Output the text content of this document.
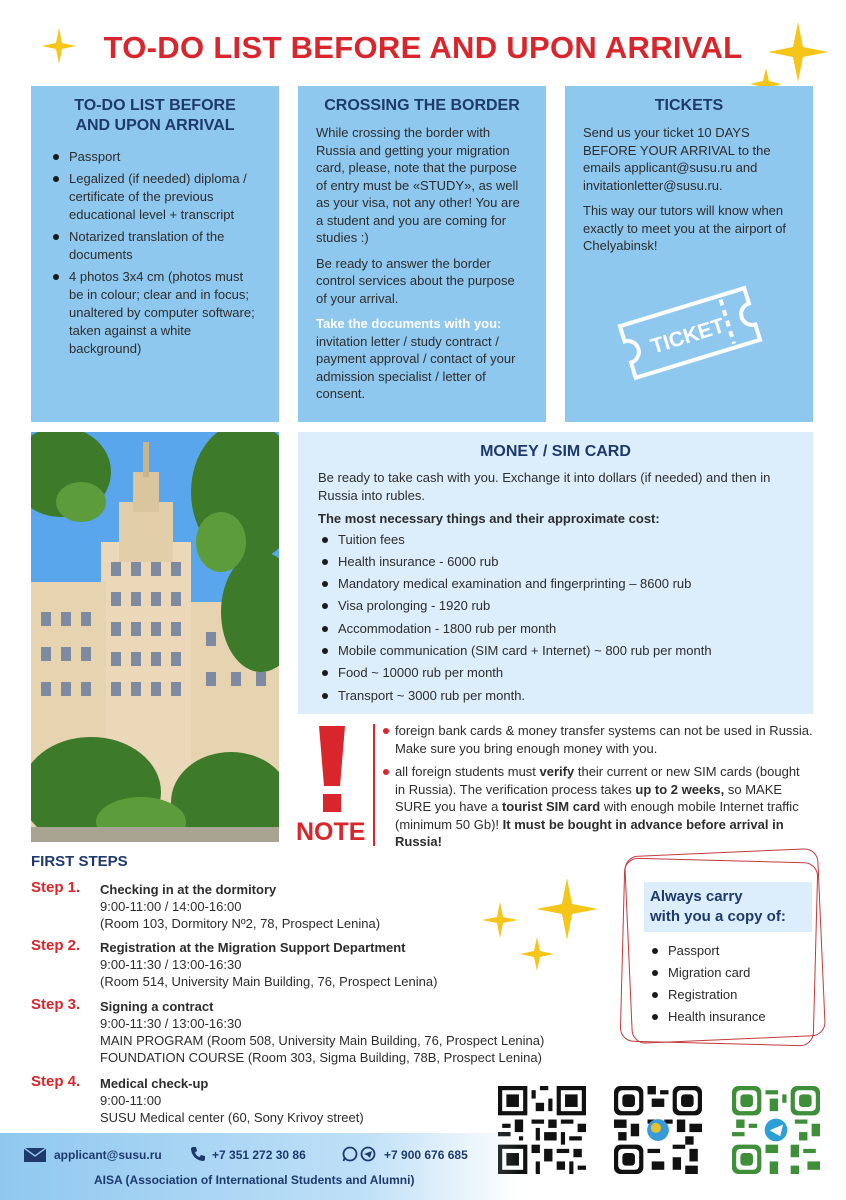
TO-DO LIST BEFORE AND UPON ARRIVAL
TO-DO LIST BEFORE AND UPON ARRIVAL
Passport
Legalized (if needed) diploma / certificate of the previous educational level + transcript
Notarized translation of the documents
4 photos 3x4 cm (photos must be in colour; clear and in focus; unaltered by computer software; taken against a white background)
CROSSING THE BORDER

While crossing the border with Russia and getting your migration card, please, note that the purpose of entry must be «STUDY», as well as your visa, not any other! You are a student and you are coming for studies :)

Be ready to answer the border control services about the purpose of your arrival.

Take the documents with you:
invitation letter / study contract / payment approval / contact of your admission specialist / letter of consent.

TICKETS

Send us your ticket 10 DAYS BEFORE YOUR ARRIVAL to the emails applicant@susu.ru and invitationletter@susu.ru.

This way our tutors will know when exactly to meet you at the airport of Chelyabinsk!

TICKET
MONEY / SIM CARD

Be ready to take cash with you. Exchange it into dollars (if needed) and then in Russia into rubles.

The most necessary things and their approximate cost:

Tuition fees
Health insurance - 6000 rub
Mandatory medical examination and fingerprinting – 8600 rub
Visa prolonging - 1920 rub
Accommodation - 1800 rub per month
Mobile communication (SIM card + Internet) ~ 800 rub per month
Food ~ 10000 rub per month
Transport ~ 3000 rub per month.
NOTE
foreign bank cards & money transfer systems can not be used in Russia. Make sure you bring enough money with you.
all foreign students must verify their current or new SIM cards (bought in Russia). The verification process takes up to 2 weeks, so MAKE SURE you have a tourist SIM card with enough mobile Internet traffic (minimum 50 Gb)! It must be bought in advance before arrival in Russia!
FIRST STEPS
Step 1.	Checking in at the dormitory
9:00-11:00 / 14:00-16:00
(Room 103, Dormitory Nº2, 78, Prospect Lenina)
Step 2.	Registration at the Migration Support Department
9:00-11:30 / 13:00-16:30
(Room 514, University Main Building, 76, Prospect Lenina)
Step 3.	Signing a contract
9:00-11:30 / 13:00-16:30
MAIN PROGRAM (Room 508, University Main Building, 76, Prospect Lenina)
FOUNDATION COURSE (Room 303, Sigma Building, 78B, Prospect Lenina)
Step 4.	Medical check-up
9:00-11:00
SUSU Medical center (60, Sony Krivoy street)
Always carry
with you a copy of:
Passport
Migration card
Registration
Health insurance
applicant@susu.ru	+7 351 272 30 86	+7 900 676 685
AISA (Association of International Students and Alumni)
